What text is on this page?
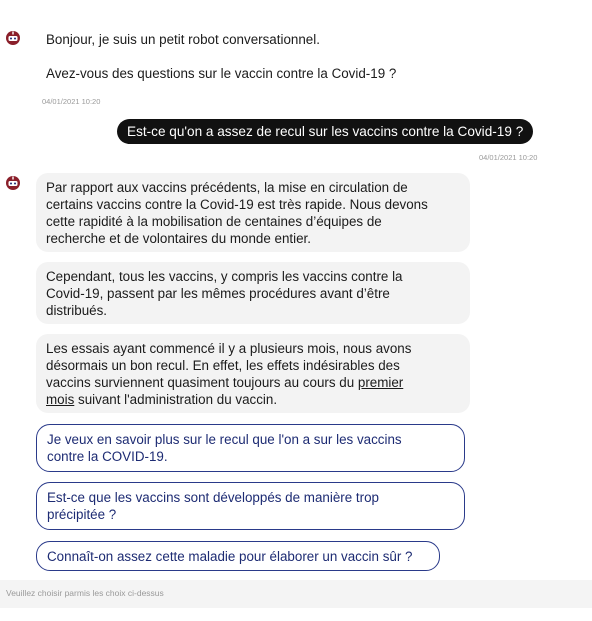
Bonjour, je suis un petit robot conversationnel.
Avez-vous des questions sur le vaccin contre la Covid-19 ?
04/01/2021 10:20
Est-ce qu'on a assez de recul sur les vaccins contre la Covid-19 ?
04/01/2021 10:20
Par rapport aux vaccins précédents, la mise en circulation de
certains vaccins contre la Covid-19 est très rapide. Nous devons
cette rapidité à la mobilisation de centaines d’équipes de
recherche et de volontaires du monde entier.
Cependant, tous les vaccins, y compris les vaccins contre la
Covid-19, passent par les mêmes procédures avant d’être
distribués.
Les essais ayant commencé il y a plusieurs mois, nous avons
désormais un bon recul. En effet, les effets indésirables des
vaccins surviennent quasiment toujours au cours du premier
mois suivant l'administration du vaccin.
Je veux en savoir plus sur le recul que l'on a sur les vaccins
contre la COVID-19.
Est-ce que les vaccins sont développés de manière trop
précipitée ?
Connaît-on assez cette maladie pour élaborer un vaccin sûr ?
Veuillez choisir parmis les choix ci-dessus
